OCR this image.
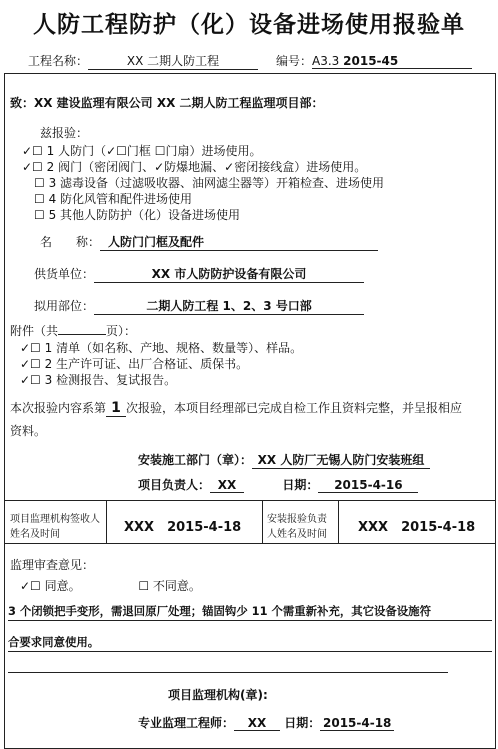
人防工程防护（化）设备进场使用报验单
工程名称：	XX 二期人防工程	编号：A3.3 2015-45
致：XX 建设监理有限公司 XX 二期人防工程监理项目部：
兹报验：
✓☐ 1 人防门（✓☐门框 ☐门扇）进场使用。
✓☐ 2 阀门（密闭阀门、✓防爆地漏、✓密闭接线盒）进场使用。
☐ 3 滤毒设备（过滤吸收器、油网滤尘器等）开箱检查、进场使用
☐ 4 防化风管和配件进场使用
☐ 5 其他人防防护（化）设备进场使用
名　　称： 人防门门框及配件
供货单位：	XX 市人防防护设备有限公司
拟用部位：	二期人防工程 1、2、3 号口部
附件（共	页）：
✓☐ 1 清单（如名称、产地、规格、数量等）、样品。
✓☐ 2 生产许可证、出厂合格证、质保书。
✓☐ 3 检测报告、复试报告。
本次报验内容系第 1 次报验，本项目经理部已完成自检工作且资料完整，并呈报相应
资料。
安装施工部门（章）： XX 人防厂无锡人防门安装班组
项目负责人： XX	日期： 2015-4-16
项目监理机构签收人
姓名及时间	XXX　2015-4-18
安装报验负责
人姓名及时间 XXX　2015-4-18
监理审查意见：
✓☐ 同意。	☐ 不同意。
3 个闭锁把手变形，需退回原厂处理；锚固钩少 11 个需重新补充，其它设备设施符
合要求同意使用。
项目监理机构(章):
专业监理工程师： XX 日期： 2015-4-18
